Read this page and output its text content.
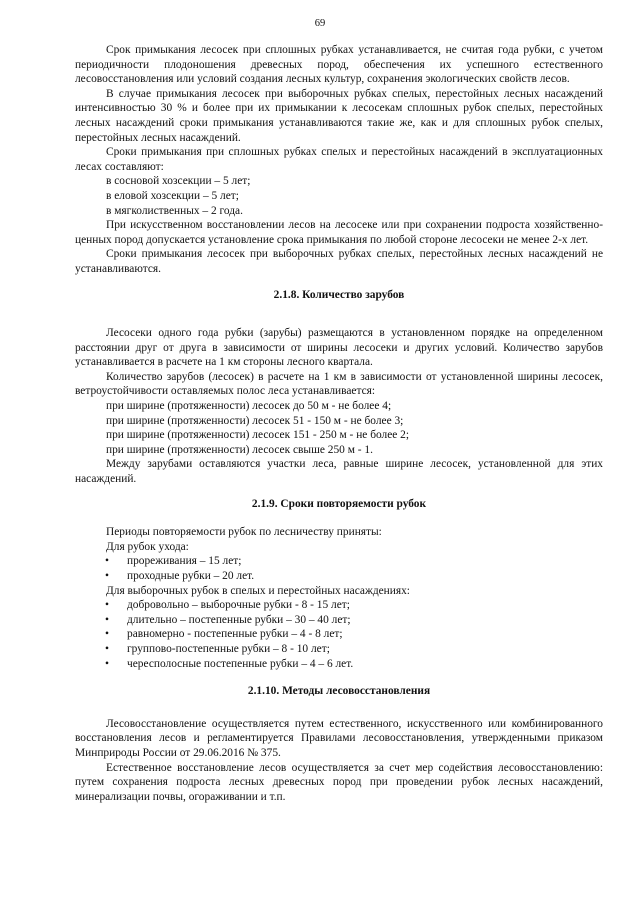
69

Срок примыкания лесосек при сплошных рубках устанавливается, не считая года рубки, с учетом периодичности плодоношения древесных пород, обеспечения их успешного естественного лесовосстановления или условий создания лесных культур, сохранения экологических свойств лесов.

В случае примыкания лесосек при выборочных рубках спелых, перестойных лесных насаждений интенсивностью 30 % и более при их примыкании к лесосекам сплошных рубок спелых, перестойных лесных насаждений сроки примыкания устанавливаются такие же, как и для сплошных рубок спелых, перестойных лесных насаждений.

Сроки примыкания при сплошных рубках спелых и перестойных насаждений в эксплуатационных лесах составляют:

в сосновой хозсекции – 5 лет;

в еловой хозсекции – 5 лет;

в мягколиственных – 2 года.

При искусственном восстановлении лесов на лесосеке или при сохранении подроста хозяйственно-ценных пород допускается установление срока примыкания по любой стороне лесосеки не менее 2-х лет.

Сроки примыкания лесосек при выборочных рубках спелых, перестойных лесных насаждений не устанавливаются.

2.1.8. Количество зарубов

Лесосеки одного года рубки (зарубы) размещаются в установленном порядке на определенном расстоянии друг от друга в зависимости от ширины лесосеки и других условий. Количество зарубов устанавливается в расчете на 1 км стороны лесного квартала.

Количество зарубов (лесосек) в расчете на 1 км в зависимости от установленной ширины лесосек, ветроустойчивости оставляемых полос леса устанавливается:

при ширине (протяженности) лесосек до 50 м - не более 4;

при ширине (протяженности) лесосек 51 - 150 м - не более 3;

при ширине (протяженности) лесосек 151 - 250 м - не более 2;

при ширине (протяженности) лесосек свыше 250 м - 1.

Между зарубами оставляются участки леса, равные ширине лесосек, установленной для этих насаждений.

2.1.9. Сроки повторяемости рубок

Периоды повторяемости рубок по лесничеству приняты:

Для рубок ухода:

•	прореживания – 15 лет;
•	проходные рубки – 20 лет.

Для выборочных рубок в спелых и перестойных насаждениях:

•	добровольно – выборочные рубки - 8 - 15 лет;
•	длительно – постепенные рубки – 30 – 40 лет;
•	равномерно - постепенные рубки – 4 - 8 лет;
•	группово-постепенные рубки – 8 - 10 лет;
•	чересполосные постепенные рубки – 4 – 6 лет.
2.1.10. Методы лесовосстановления

Лесовосстановление осуществляется путем естественного, искусственного или комбинированного восстановления лесов и регламентируется Правилами лесовосстановления, утвержденными приказом Минприроды России от 29.06.2016 № 375.

Естественное восстановление лесов осуществляется за счет мер содействия лесовосстановлению: путем сохранения подроста лесных древесных пород при проведении рубок лесных насаждений, минерализации почвы, огораживании и т.п.
